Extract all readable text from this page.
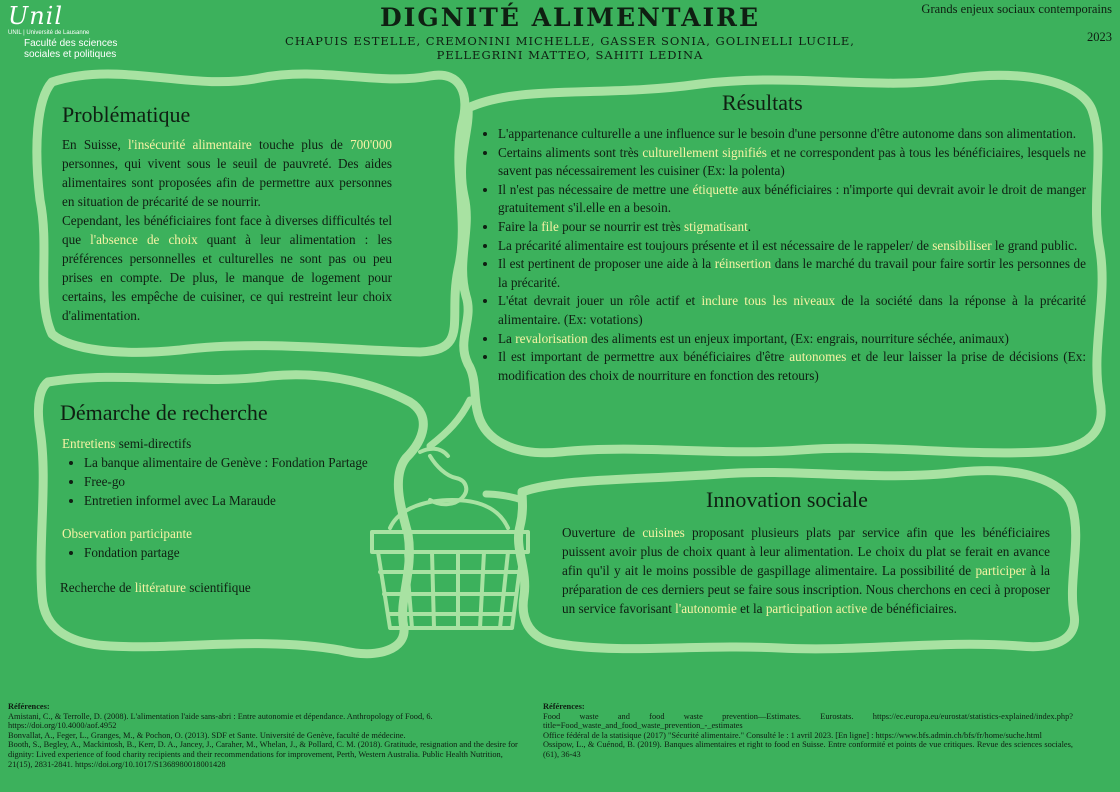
Unil
UNIL | Université de Lausanne
Faculté des sciences
sociales et politiques
DIGNITÉ ALIMENTAIRE
CHAPUIS ESTELLE, CREMONINI MICHELLE, GASSER SONIA, GOLINELLI LUCILE,
PELLEGRINI MATTEO, SAHITI LEDINA
Grands enjeux sociaux contemporains
2023
Problématique
En Suisse, l'insécurité alimentaire touche plus de 700'000 personnes, qui vivent sous le seuil de pauvreté. Des aides alimentaires sont proposées afin de permettre aux personnes en situation de précarité de se nourrir.
Cependant, les bénéficiaires font face à diverses difficultés tel que l'absence de choix quant à leur alimentation : les préférences personnelles et culturelles ne sont pas ou peu prises en compte. De plus, le manque de logement pour certains, les empêche de cuisiner, ce qui restreint leur choix d'alimentation.
Démarche de recherche
Entretiens semi-directifs
• La banque alimentaire de Genève : Fondation Partage
• Free-go
• Entretien informel avec La Maraude
Observation participante
• Fondation partage
Recherche de littérature scientifique
Résultats
• L'appartenance culturelle a une influence sur le besoin d'une personne d'être autonome dans son alimentation.
• Certains aliments sont très culturellement signifiés et ne correspondent pas à tous les bénéficiaires, lesquels ne savent pas nécessairement les cuisiner (Ex: la polenta)
• Il n'est pas nécessaire de mettre une étiquette aux bénéficiaires : n'importe qui devrait avoir le droit de manger gratuitement s'il.elle en a besoin.
• Faire la file pour se nourrir est très stigmatisant.
• La précarité alimentaire est toujours présente et il est nécessaire de le rappeler/ de sensibiliser le grand public.
• Il est pertinent de proposer une aide à la réinsertion dans le marché du travail pour faire sortir les personnes de la précarité.
• L'état devrait jouer un rôle actif et inclure tous les niveaux de la société dans la réponse à la précarité alimentaire. (Ex: votations)
• La revalorisation des aliments est un enjeux important, (Ex: engrais, nourriture séchée, animaux)
• Il est important de permettre aux bénéficiaires d'être autonomes et de leur laisser la prise de décisions (Ex: modification des choix de nourriture en fonction des retours)
Innovation sociale
Ouverture de cuisines proposant plusieurs plats par service afin que les bénéficiaires puissent avoir plus de choix quant à leur alimentation. Le choix du plat se ferait en avance afin qu'il y ait le moins possible de gaspillage alimentaire. La possibilité de participer à la préparation de ces derniers peut se faire sous inscription. Nous cherchons en ceci à proposer un service favorisant l'autonomie et la participation active de bénéficiaires.
Références:
Amistani, C., & Terrolle, D. (2008). L'alimentation l'aide sans-abri : Entre autonomie et dépendance. Anthropology of Food, 6. https://doi.org/10.4000/aof.4952
Bonvallat, A., Feger, L., Granges, M., & Pochon, O. (2013). SDF et Sante. Université de Genève, faculté de médecine.
Booth, S., Begley, A., Mackintosh, B., Kerr, D. A., Jancey, J., Caraher, M., Whelan, J., & Pollard, C. M. (2018). Gratitude, resignation and the desire for dignity: Lived experience of food charity recipients and their recommendations for improvement, Perth, Western Australia. Public Health Nutrition, 21(15), 2831-2841. https://doi.org/10.1017/S1368980018001428
Références:
Food waste and food waste prevention—Estimates. Eurostats. https://ec.europa.eu/eurostat/statistics-explained/index.php?title=Food_waste_and_food_waste_prevention_-_estimates
Office fédéral de la statisique (2017) "Sécurité alimentaire." Consulté le : 1 avril 2023. [En ligne] : https://www.bfs.admin.ch/bfs/fr/home/suche.html
Ossipow, L., & Cuénod, B. (2019). Banques alimentaires et right to food en Suisse. Entre conformité et points de vue critiques. Revue des sciences sociales, (61), 36-43
